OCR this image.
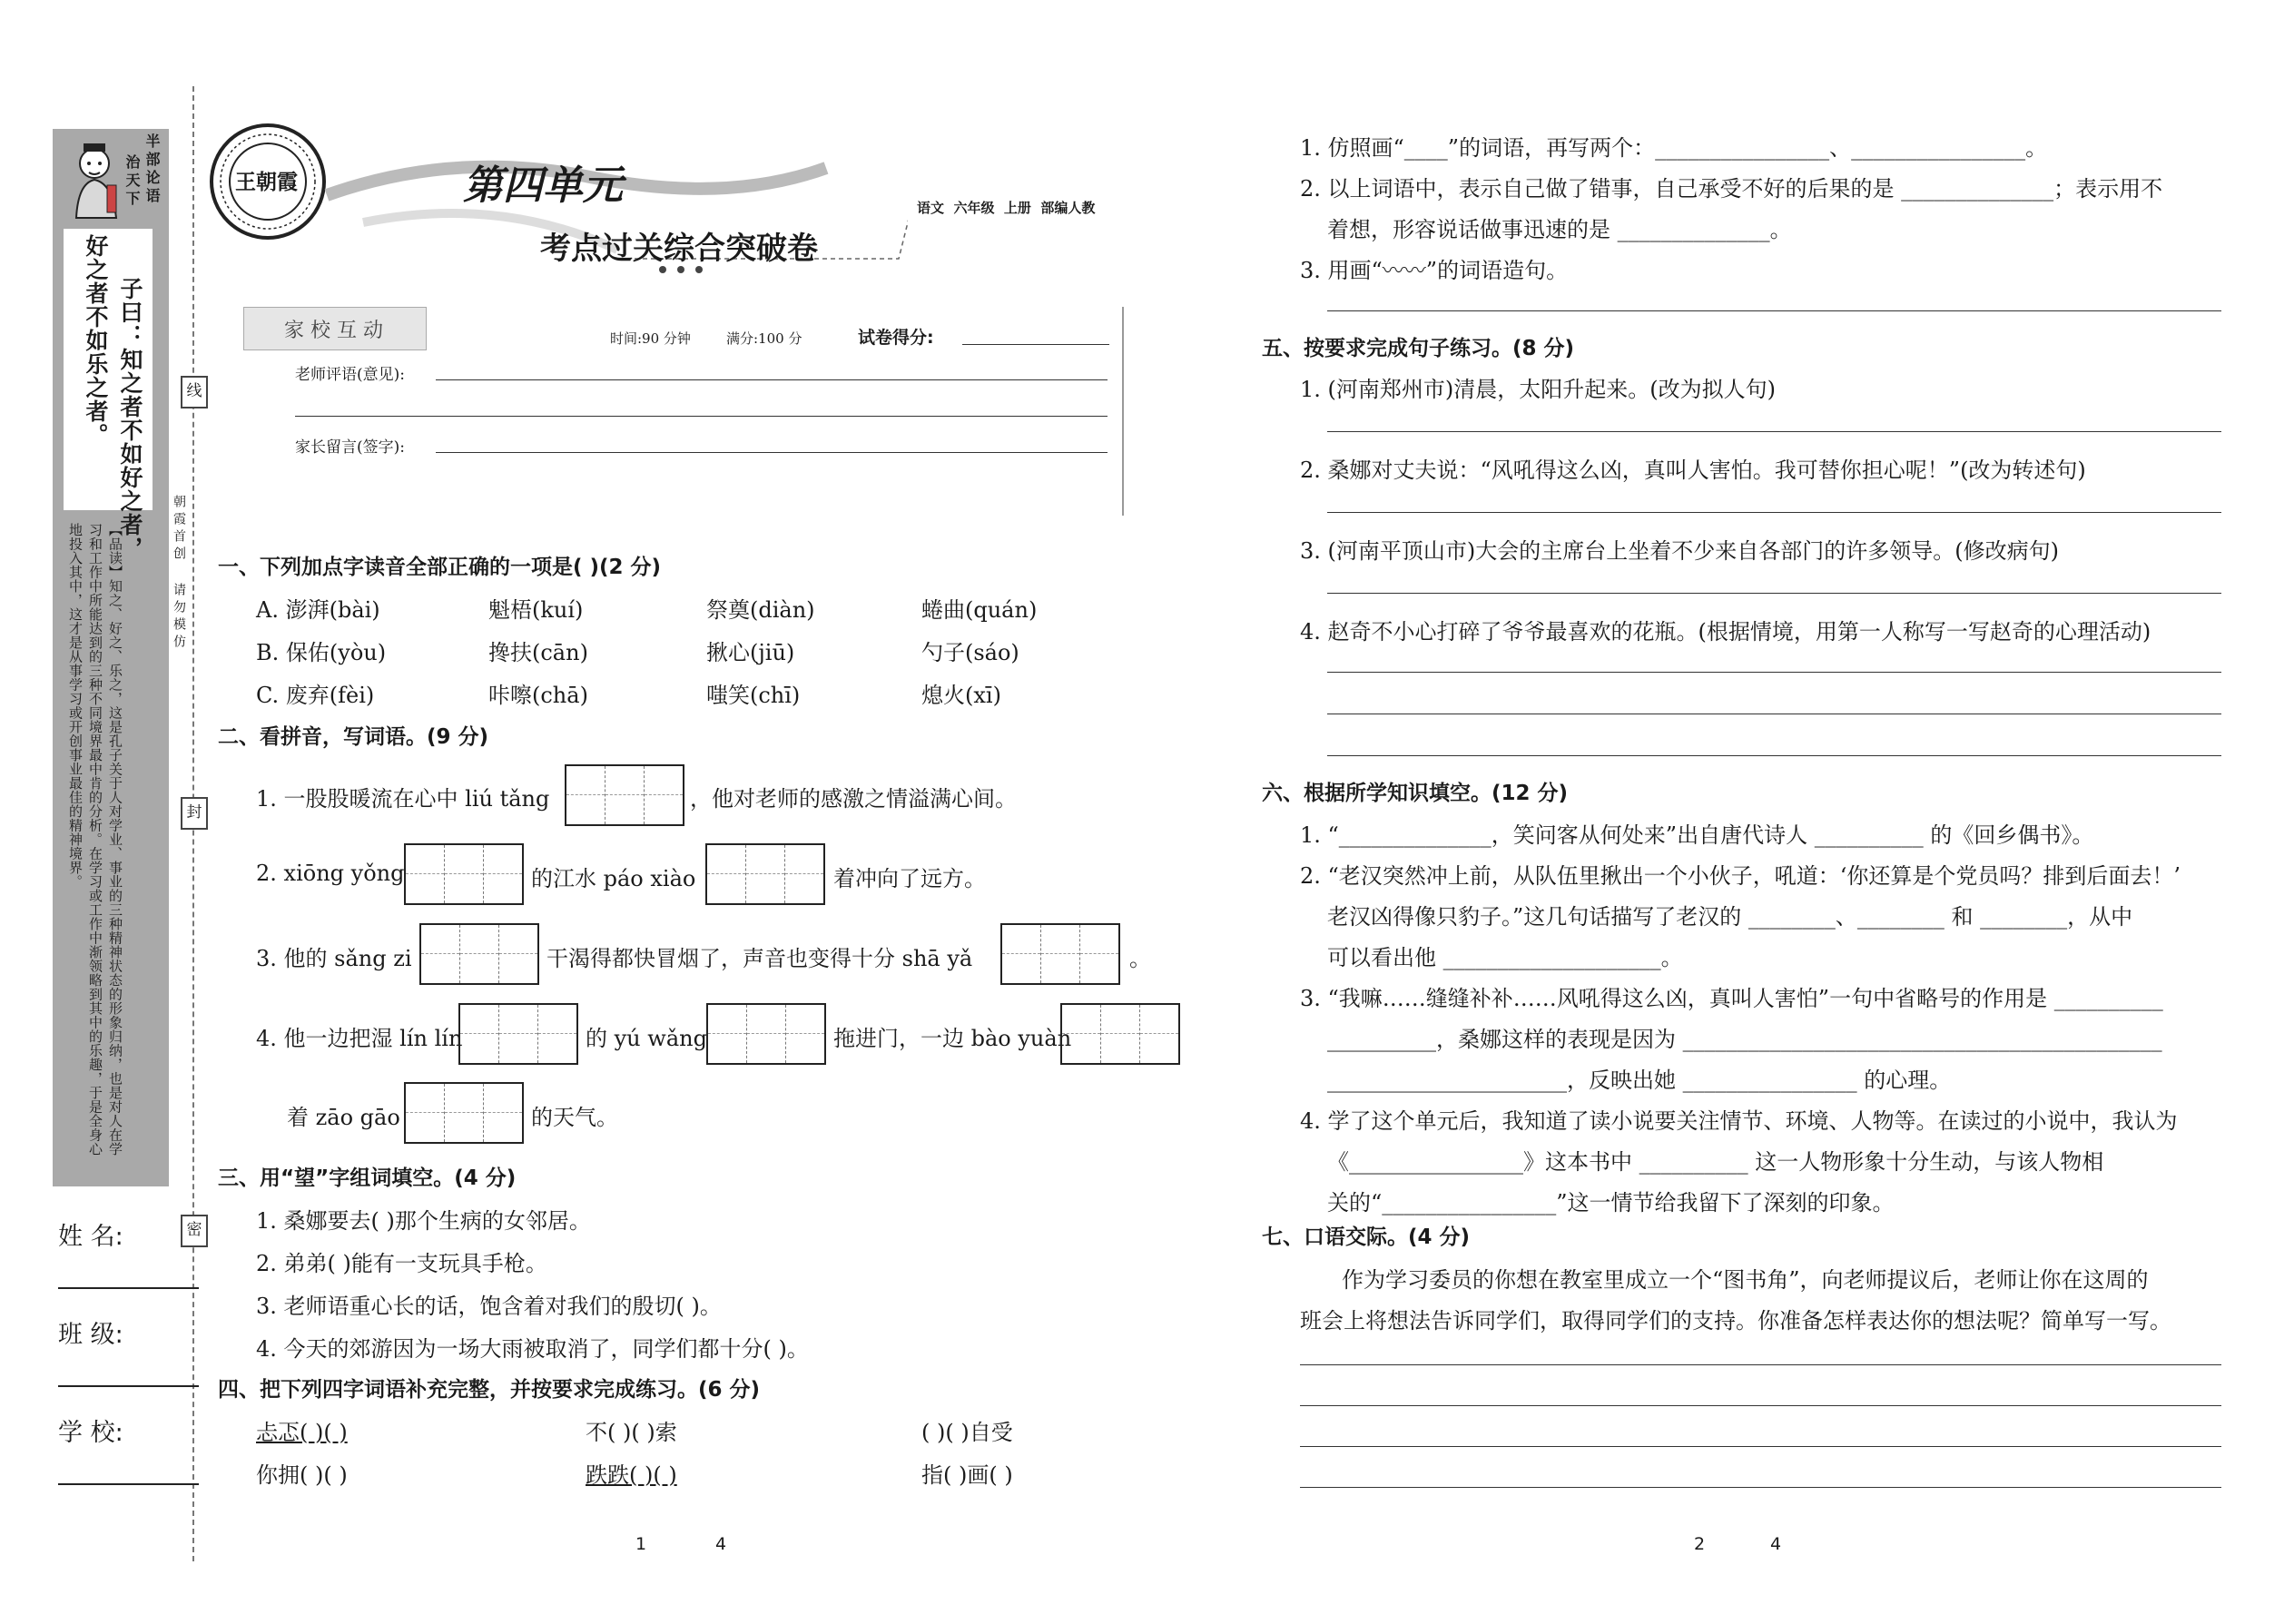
半部论语
治天下
子曰：知之者不如好之者，
好之者不如乐之者。
【品读】知之、好之、乐之，这是孔子关于人对学业、事业的三种精神状态的形象归纳，也是对人在学习和工作中所能达到的三种不同境界最中肯的分析。在学习或工作中渐领略到其中的乐趣，于是全身心地投入其中，这才是从事学习或开创事业最佳的精神境界。	朝霞首创 请勿模仿
线
封
密
姓 名:
班 级:
学 校:
王朝霞	第四单元
考点过关综合突破卷
语文  六年级  上册  部编人教
家 校 互 动	时间:90 分钟	满分:100 分	试卷得分:
老师评语(意见):
家长留言(签字):
一、下列加点字读音全部正确的一项是( )(2 分)
A. 澎湃(bài)	魁梧(kuí)	祭奠(diàn)	蜷曲(quán)
B. 保佑(yòu)	搀扶(cān)	揪心(jiū)	勺子(sáo)
C. 废弃(fèi)	咔嚓(chā)	嗤笑(chī)	熄火(xī)
二、看拼音，写词语。(9 分)
1. 一股股暖流在心中 liú tǎng	，他对老师的感激之情溢满心间。
2. xiōng yǒng	的江水 páo xiào	着冲向了远方。
3. 他的 sǎng zi	干渴得都快冒烟了，声音也变得十分 shā yǎ	。
4. 他一边把湿 lín lín	的 yú wǎng	拖进门，一边 bào yuàn
着 zāo gāo	的天气。
三、用“望”字组词填空。(4 分)
1. 桑娜要去( )那个生病的女邻居。
2. 弟弟( )能有一支玩具手枪。
3. 老师语重心长的话，饱含着对我们的殷切( )。
4. 今天的郊游因为一场大雨被取消了，同学们都十分( )。
四、把下列四字词语补充完整，并按要求完成练习。(6 分)
忐忑( )( )	不( )( )索	( )( )自受
你拥( )( )	跌跌( )( )	指( )画( )
1	4
1. 仿照画“____”的词语，再写两个：________________、________________。
2. 以上词语中，表示自己做了错事，自己承受不好的后果的是 ______________；表示用不
着想，形容说话做事迅速的是 ______________。
3. 用画“〰〰”的词语造句。
五、按要求完成句子练习。(8 分)
1. (河南郑州市)清晨，太阳升起来。(改为拟人句)
2. 桑娜对丈夫说：“风吼得这么凶，真叫人害怕。我可替你担心呢！”(改为转述句)
3. (河南平顶山市)大会的主席台上坐着不少来自各部门的许多领导。(修改病句)
4. 赵奇不小心打碎了爷爷最喜欢的花瓶。(根据情境，用第一人称写一写赵奇的心理活动)
六、根据所学知识填空。(12 分)
1. “______________，笑问客从何处来”出自唐代诗人 __________ 的《回乡偶书》。
2. “老汉突然冲上前，从队伍里揪出一个小伙子，吼道：‘你还算是个党员吗？排到后面去！’
老汉凶得像只豹子。”这几句话描写了老汉的 ________、________ 和 ________，从中
可以看出他 ____________________。
3. “我嘛……缝缝补补……风吼得这么凶，真叫人害怕”一句中省略号的作用是 __________
__________，桑娜这样的表现是因为 ____________________________________________
______________________，反映出她 ________________ 的心理。
4. 学了这个单元后，我知道了读小说要关注情节、环境、人物等。在读过的小说中，我认为
《________________》这本书中 __________ 这一人物形象十分生动，与该人物相
关的“________________”这一情节给我留下了深刻的印象。
七、口语交际。(4 分)
作为学习委员的你想在教室里成立一个“图书角”，向老师提议后，老师让你在这周的
班会上将想法告诉同学们，取得同学们的支持。你准备怎样表达你的想法呢？简单写一写。
2	4
